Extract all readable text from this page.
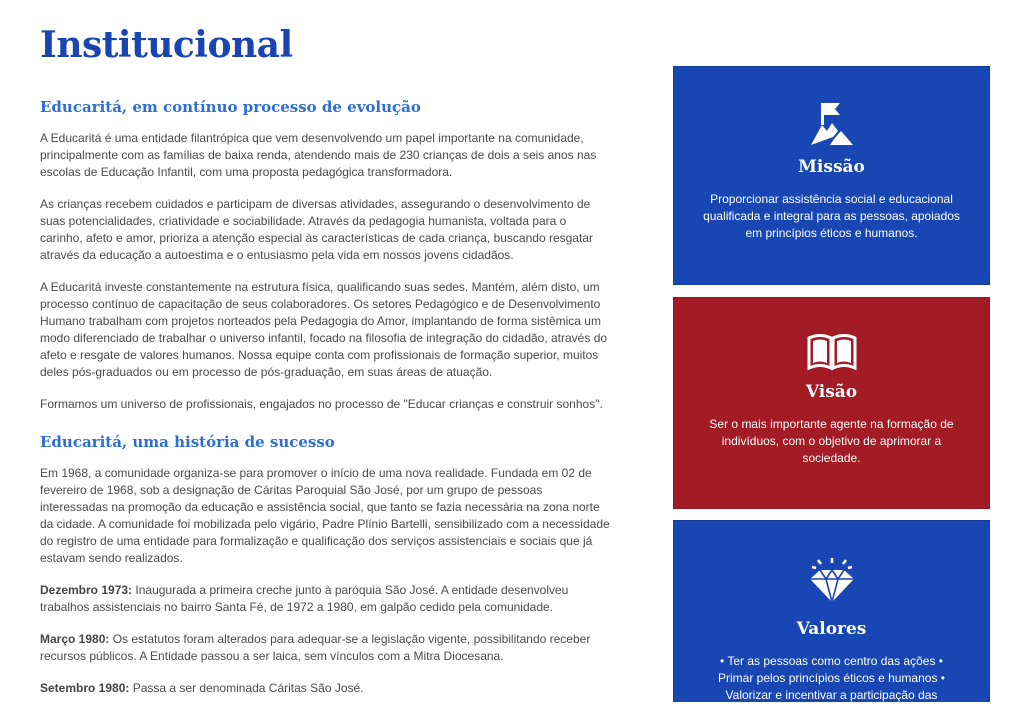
Institucional
Educaritá, em contínuo processo de evolução

A Educaritá é uma entidade filantrópica que vem desenvolvendo um papel importante na comunidade, principalmente com as famílias de baixa renda, atendendo mais de 230 crianças de dois a seis anos nas escolas de Educação Infantil, com uma proposta pedagógica transformadora.

As crianças recebem cuidados e participam de diversas atividades, assegurando o desenvolvimento de suas potencialidades, criatividade e sociabilidade. Através da pedagogia humanista, voltada para o carinho, afeto e amor, prioriza a atenção especial às características de cada criança, buscando resgatar através da educação a autoestima e o entusiasmo pela vida em nossos jovens cidadãos.

A Educaritá investe constantemente na estrutura física, qualificando suas sedes. Mantém, além disto, um processo contínuo de capacitação de seus colaboradores. Os setores Pedagógico e de Desenvolvimento Humano trabalham com projetos norteados pela Pedagogia do Amor, implantando de forma sistêmica um modo diferenciado de trabalhar o universo infantil, focado na filosofia de integração do cidadão, através do afeto e resgate de valores humanos. Nossa equipe conta com profissionais de formação superior, muitos deles pós-graduados ou em processo de pós-graduação, em suas áreas de atuação.

Formamos um universo de profissionais, engajados no processo de "Educar crianças e construir sonhos".

Educaritá, uma história de sucesso

Em 1968, a comunidade organiza-se para promover o início de uma nova realidade. Fundada em 02 de fevereiro de 1968, sob a designação de Cáritas Paroquial São José, por um grupo de pessoas interessadas na promoção da educação e assistência social, que tanto se fazia necessária na zona norte da cidade. A comunidade foi mobilizada pelo vigário, Padre Plínio Bartelli, sensibilizado com a necessidade do registro de uma entidade para formalização e qualificação dos serviços assistenciais e sociais que já estavam sendo realizados.

Dezembro 1973: Inaugurada a primeira creche junto à paróquia São José. A entidade desenvolveu trabalhos assistenciais no bairro Santa Fé, de 1972 a 1980, em galpão cedido pela comunidade.

Março 1980: Os estatutos foram alterados para adequar-se a legislação vigente, possibilitando receber recursos públicos. A Entidade passou a ser laica, sem vínculos com a Mitra Diocesana.

Setembro 1980: Passa a ser denominada Cáritas São José.

Missão
Proporcionar assistência social e educacional qualificada e integral para as pessoas, apoiados em princípios éticos e humanos.
Visão
Ser o mais importante agente na formação de indivíduos, com o objetivo de aprimorar a sociedade.
Valores
• Ter as pessoas como centro das ações •
Primar pelos princípios éticos e humanos •
Valorizar e incentivar a participação das
